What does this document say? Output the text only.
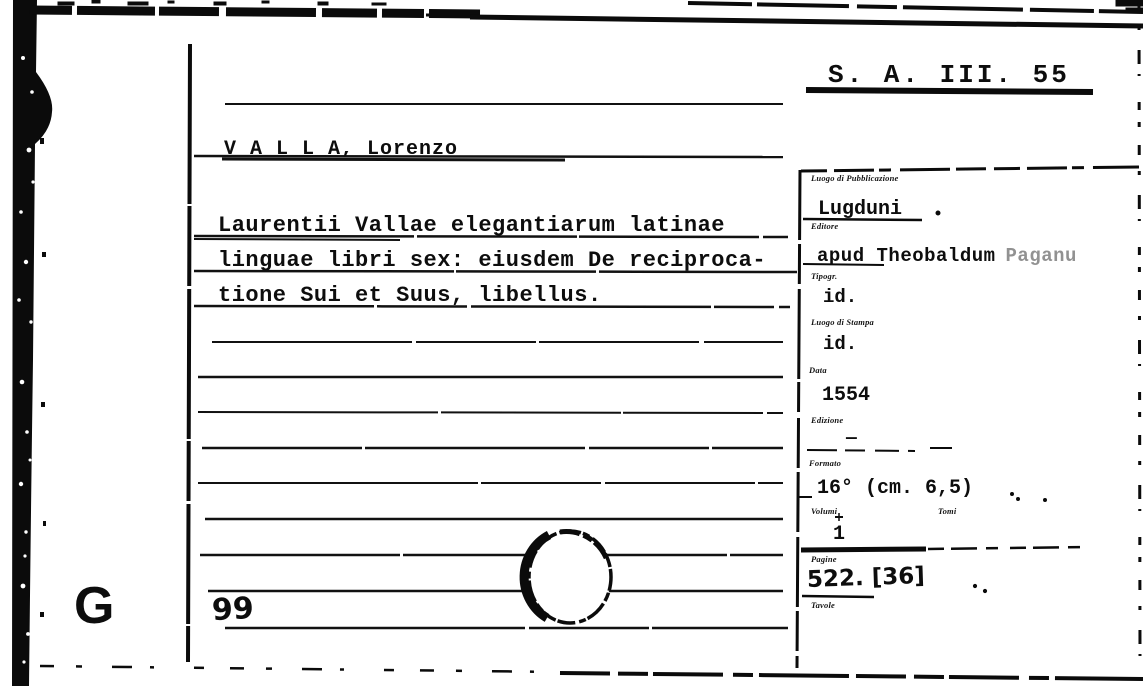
S. A. III. 55
V A L L A, Lorenzo
Laurentii Vallae elegantiarum latinae
linguae libri sex: eiusdem De reciproca-
tione Sui et Suus, libellus.
G	99
Luogo di Pubblicazione
Lugduni
Editore
apud Theobaldum Paganu
Tipogr.
id.
Luogo di Stampa
id.
Data
1554
Edizione
—
Formato
16° (cm. 6,5)
Volumi
1
Tomi
Pagine
522. [36]
Tavole
